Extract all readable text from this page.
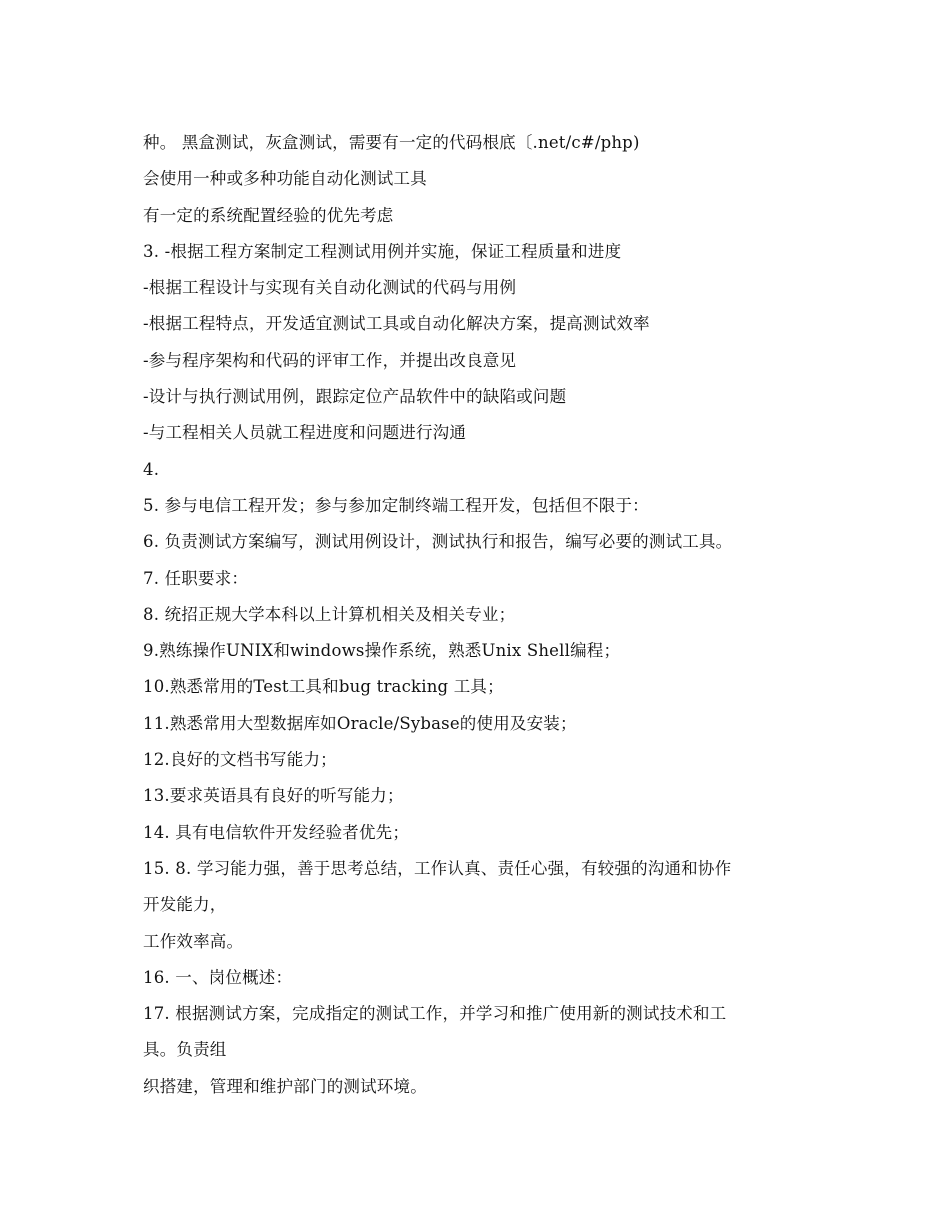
种。 黑盒测试，灰盒测试，需要有一定的代码根底〔.net/c#/php)
会使用一种或多种功能自动化测试工具
有一定的系统配置经验的优先考虑
3. -根据工程方案制定工程测试用例并实施，保证工程质量和进度
-根据工程设计与实现有关自动化测试的代码与用例
-根据工程特点，开发适宜测试工具或自动化解决方案，提高测试效率
-参与程序架构和代码的评审工作，并提出改良意见
-设计与执行测试用例，跟踪定位产品软件中的缺陷或问题
-与工程相关人员就工程进度和问题进行沟通
4.
5. 参与电信工程开发；参与参加定制终端工程开发，包括但不限于：
6. 负责测试方案编写，测试用例设计，测试执行和报告，编写必要的测试工具。
7. 任职要求：
8. 统招正规大学本科以上计算机相关及相关专业；
9.熟练操作UNIX和windows操作系统，熟悉Unix Shell编程；
10.熟悉常用的Test工具和bug tracking 工具；
11.熟悉常用大型数据库如Oracle/Sybase的使用及安装；
12.良好的文档书写能力；
13.要求英语具有良好的听写能力；
14. 具有电信软件开发经验者优先；
15. 8. 学习能力强，善于思考总结，工作认真、责任心强，有较强的沟通和协作
开发能力，
工作效率高。
16. 一、岗位概述：
17. 根据测试方案，完成指定的测试工作，并学习和推广使用新的测试技术和工
具。负责组
织搭建，管理和维护部门的测试环境。
